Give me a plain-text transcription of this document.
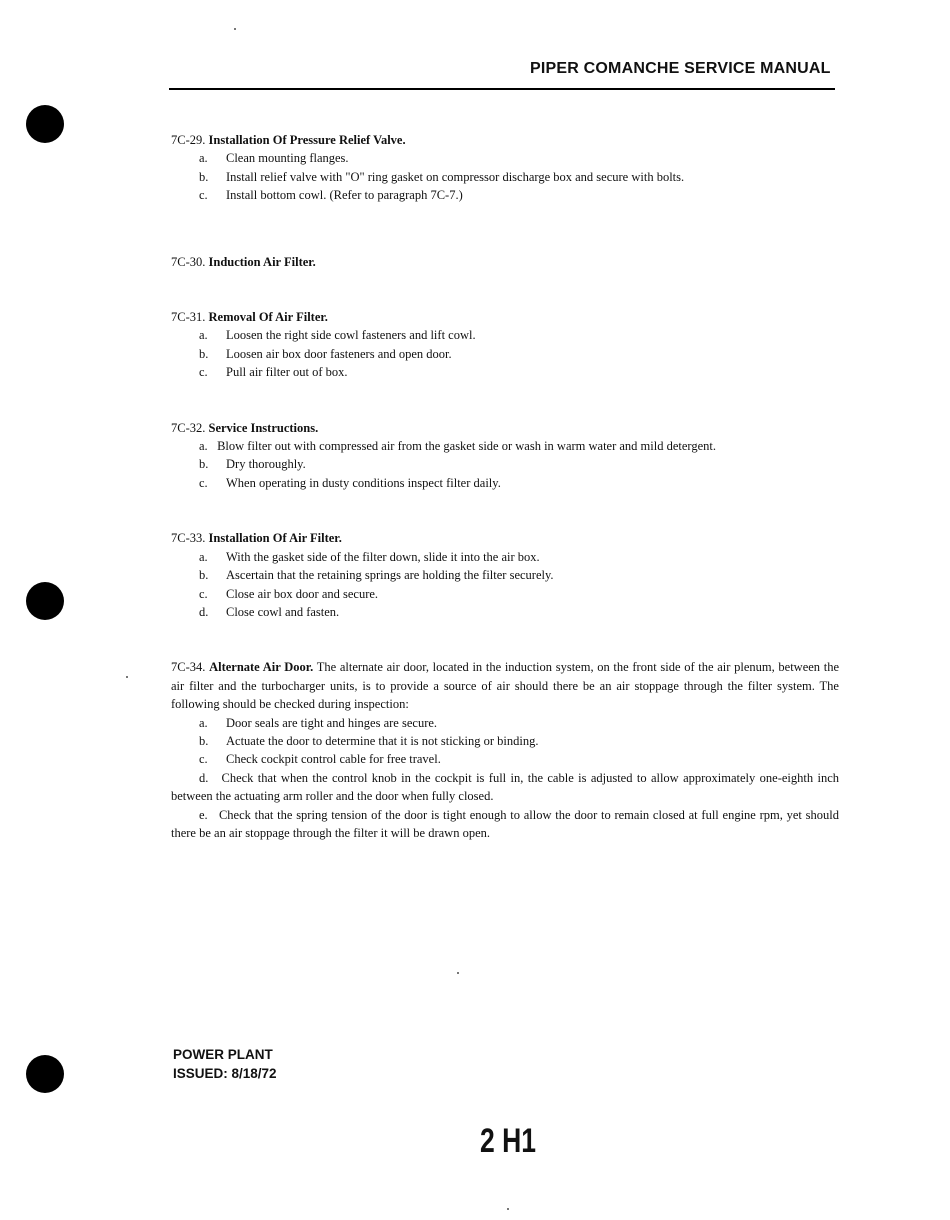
PIPER COMANCHE SERVICE MANUAL
7C-29. Installation Of Pressure Relief Valve.
a. Clean mounting flanges.
b. Install relief valve with "O" ring gasket on compressor discharge box and secure with bolts.
c. Install bottom cowl. (Refer to paragraph 7C-7.)
7C-30. Induction Air Filter.
7C-31. Removal Of Air Filter.
a. Loosen the right side cowl fasteners and lift cowl.
b. Loosen air box door fasteners and open door.
c. Pull air filter out of box.
7C-32. Service Instructions.
a. Blow filter out with compressed air from the gasket side or wash in warm water and mild detergent.
b. Dry thoroughly.
c. When operating in dusty conditions inspect filter daily.
7C-33. Installation Of Air Filter.
a. With the gasket side of the filter down, slide it into the air box.
b. Ascertain that the retaining springs are holding the filter securely.
c. Close air box door and secure.
d. Close cowl and fasten.
7C-34. Alternate Air Door. The alternate air door, located in the induction system, on the front side of the air plenum, between the air filter and the turbocharger units, is to provide a source of air should there be an air stoppage through the filter system. The following should be checked during inspection:
a. Door seals are tight and hinges are secure.
b. Actuate the door to determine that it is not sticking or binding.
c. Check cockpit control cable for free travel.
d. Check that when the control knob in the cockpit is full in, the cable is adjusted to allow approximately one-eighth inch between the actuating arm roller and the door when fully closed.
e. Check that the spring tension of the door is tight enough to allow the door to remain closed at full engine rpm, yet should there be an air stoppage through the filter it will be drawn open.
POWER PLANT
ISSUED: 8/18/72
2 H1
